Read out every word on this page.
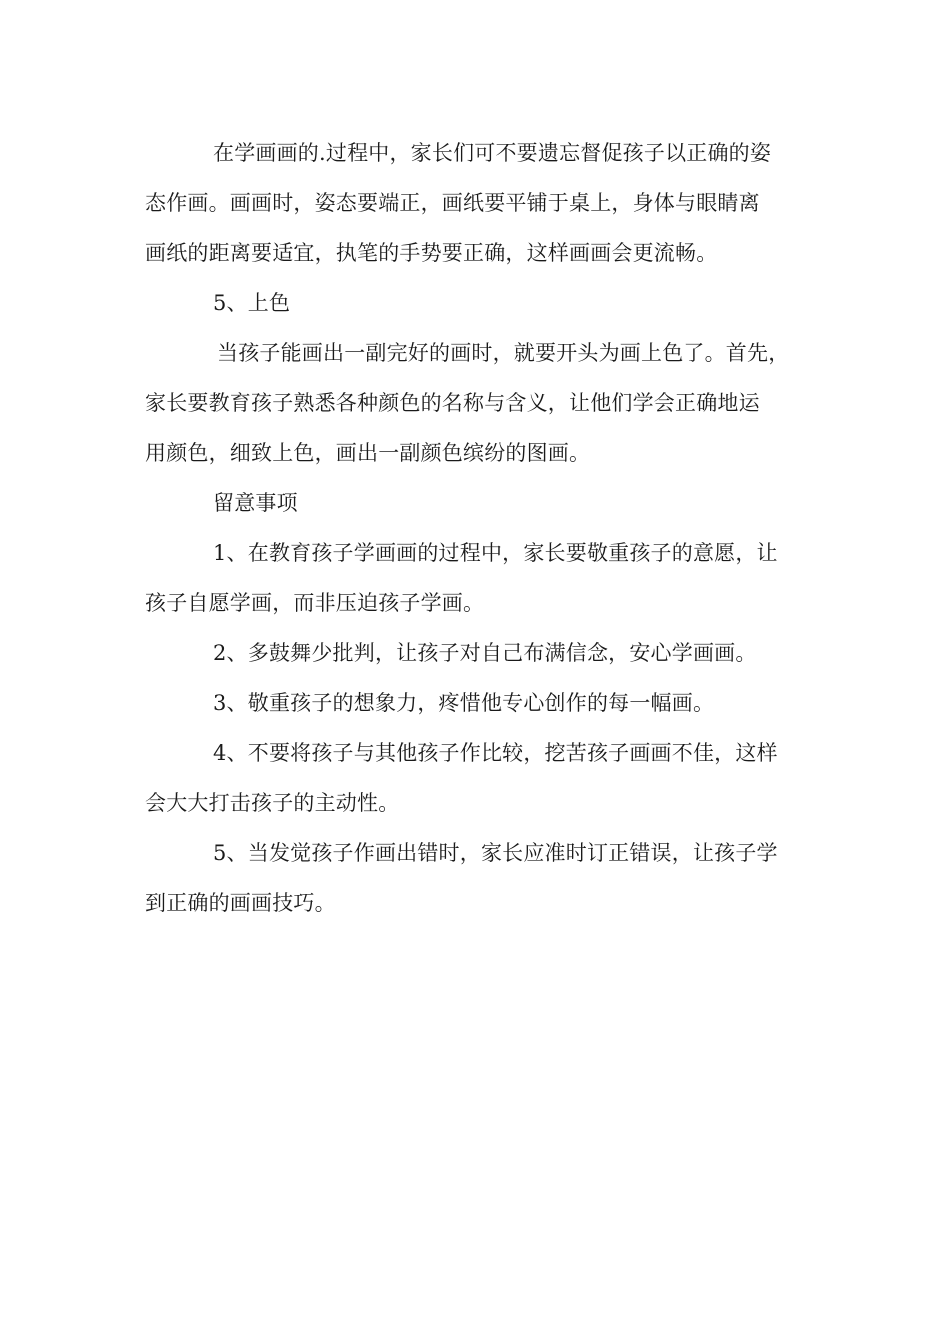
在学画画的.过程中，家长们可不要遗忘督促孩子以正确的姿
态作画。画画时，姿态要端正，画纸要平铺于桌上，身体与眼睛离
画纸的距离要适宜，执笔的手势要正确，这样画画会更流畅。
5、上色
当孩子能画出一副完好的画时，就要开头为画上色了。首先，
家长要教育孩子熟悉各种颜色的名称与含义，让他们学会正确地运
用颜色，细致上色，画出一副颜色缤纷的图画。
留意事项
1、在教育孩子学画画的过程中，家长要敬重孩子的意愿，让
孩子自愿学画，而非压迫孩子学画。
2、多鼓舞少批判，让孩子对自己布满信念，安心学画画。
3、敬重孩子的想象力，疼惜他专心创作的每一幅画。
4、不要将孩子与其他孩子作比较，挖苦孩子画画不佳，这样
会大大打击孩子的主动性。
5、当发觉孩子作画出错时，家长应准时订正错误，让孩子学
到正确的画画技巧。
